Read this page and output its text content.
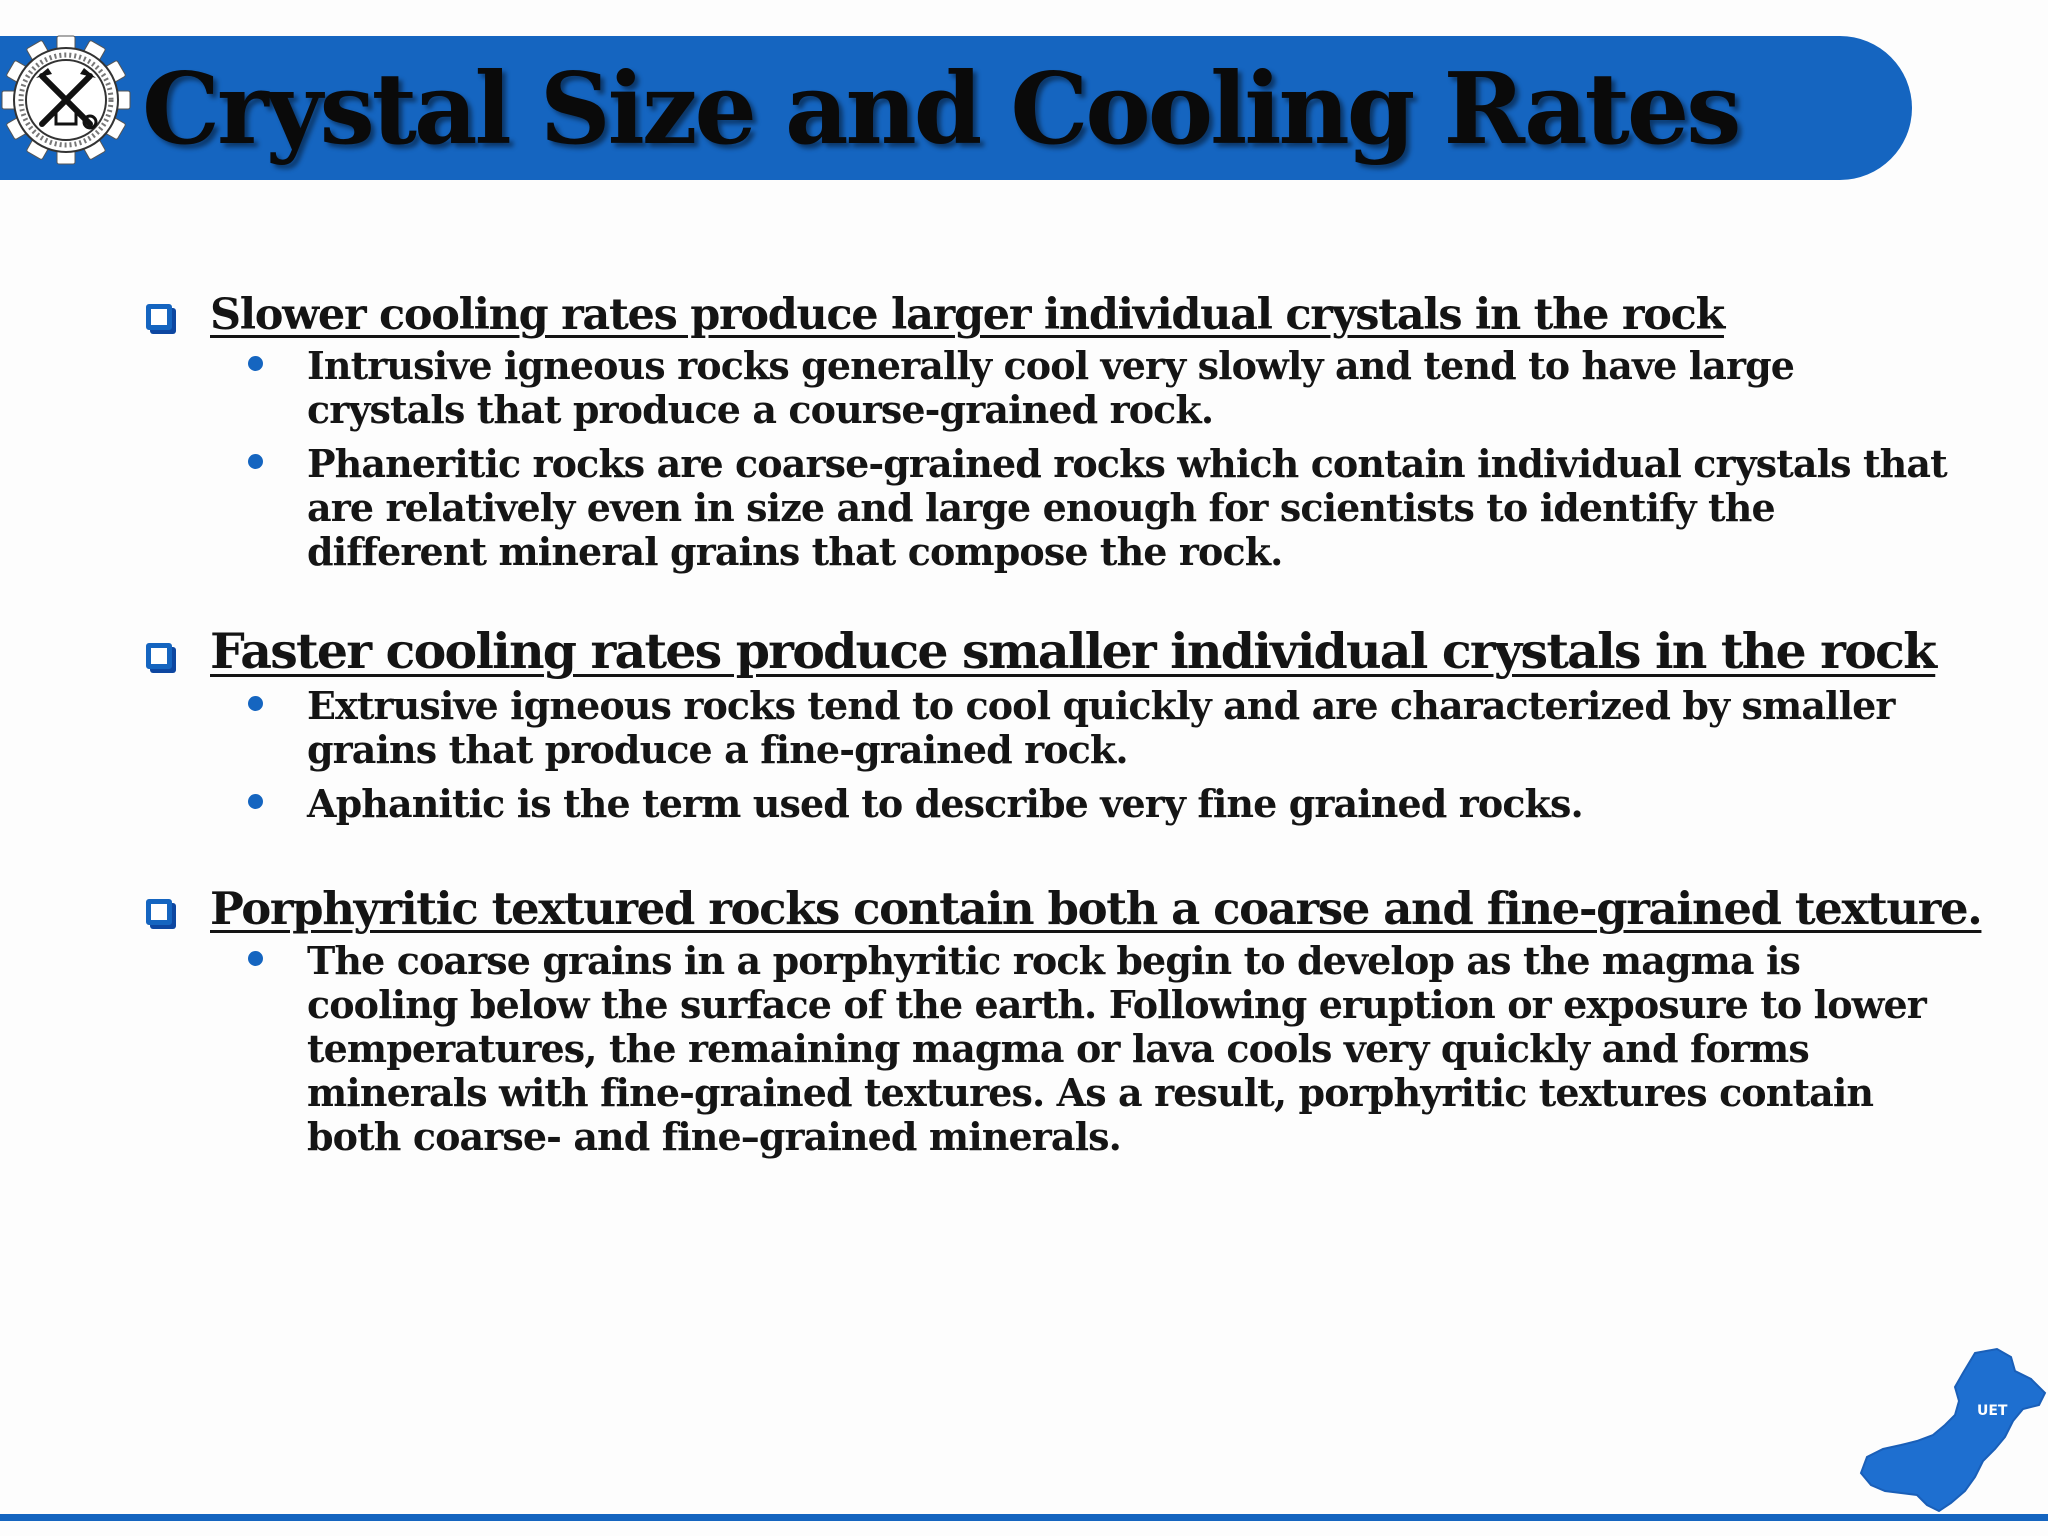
Crystal Size and Cooling Rates
Slower cooling rates produce larger individual crystals in the rock
Intrusive igneous rocks generally cool very slowly and tend to have large crystals that produce a course-grained rock.
Phaneritic rocks are coarse-grained rocks which contain individual crystals that are relatively even in size and large enough for scientists to identify the different mineral grains that compose the rock.
Faster cooling rates produce smaller individual crystals in the rock
Extrusive igneous rocks tend to cool quickly and are characterized by smaller grains that produce a fine-grained rock.
Aphanitic is the term used to describe very fine grained rocks.
Porphyritic textured rocks contain both a coarse and fine-grained texture.
The coarse grains in a porphyritic rock begin to develop as the magma is cooling below the surface of the earth. Following eruption or exposure to lower temperatures, the remaining magma or lava cools very quickly and forms minerals with fine-grained textures. As a result, porphyritic textures contain both coarse- and fine–grained minerals.
UET
